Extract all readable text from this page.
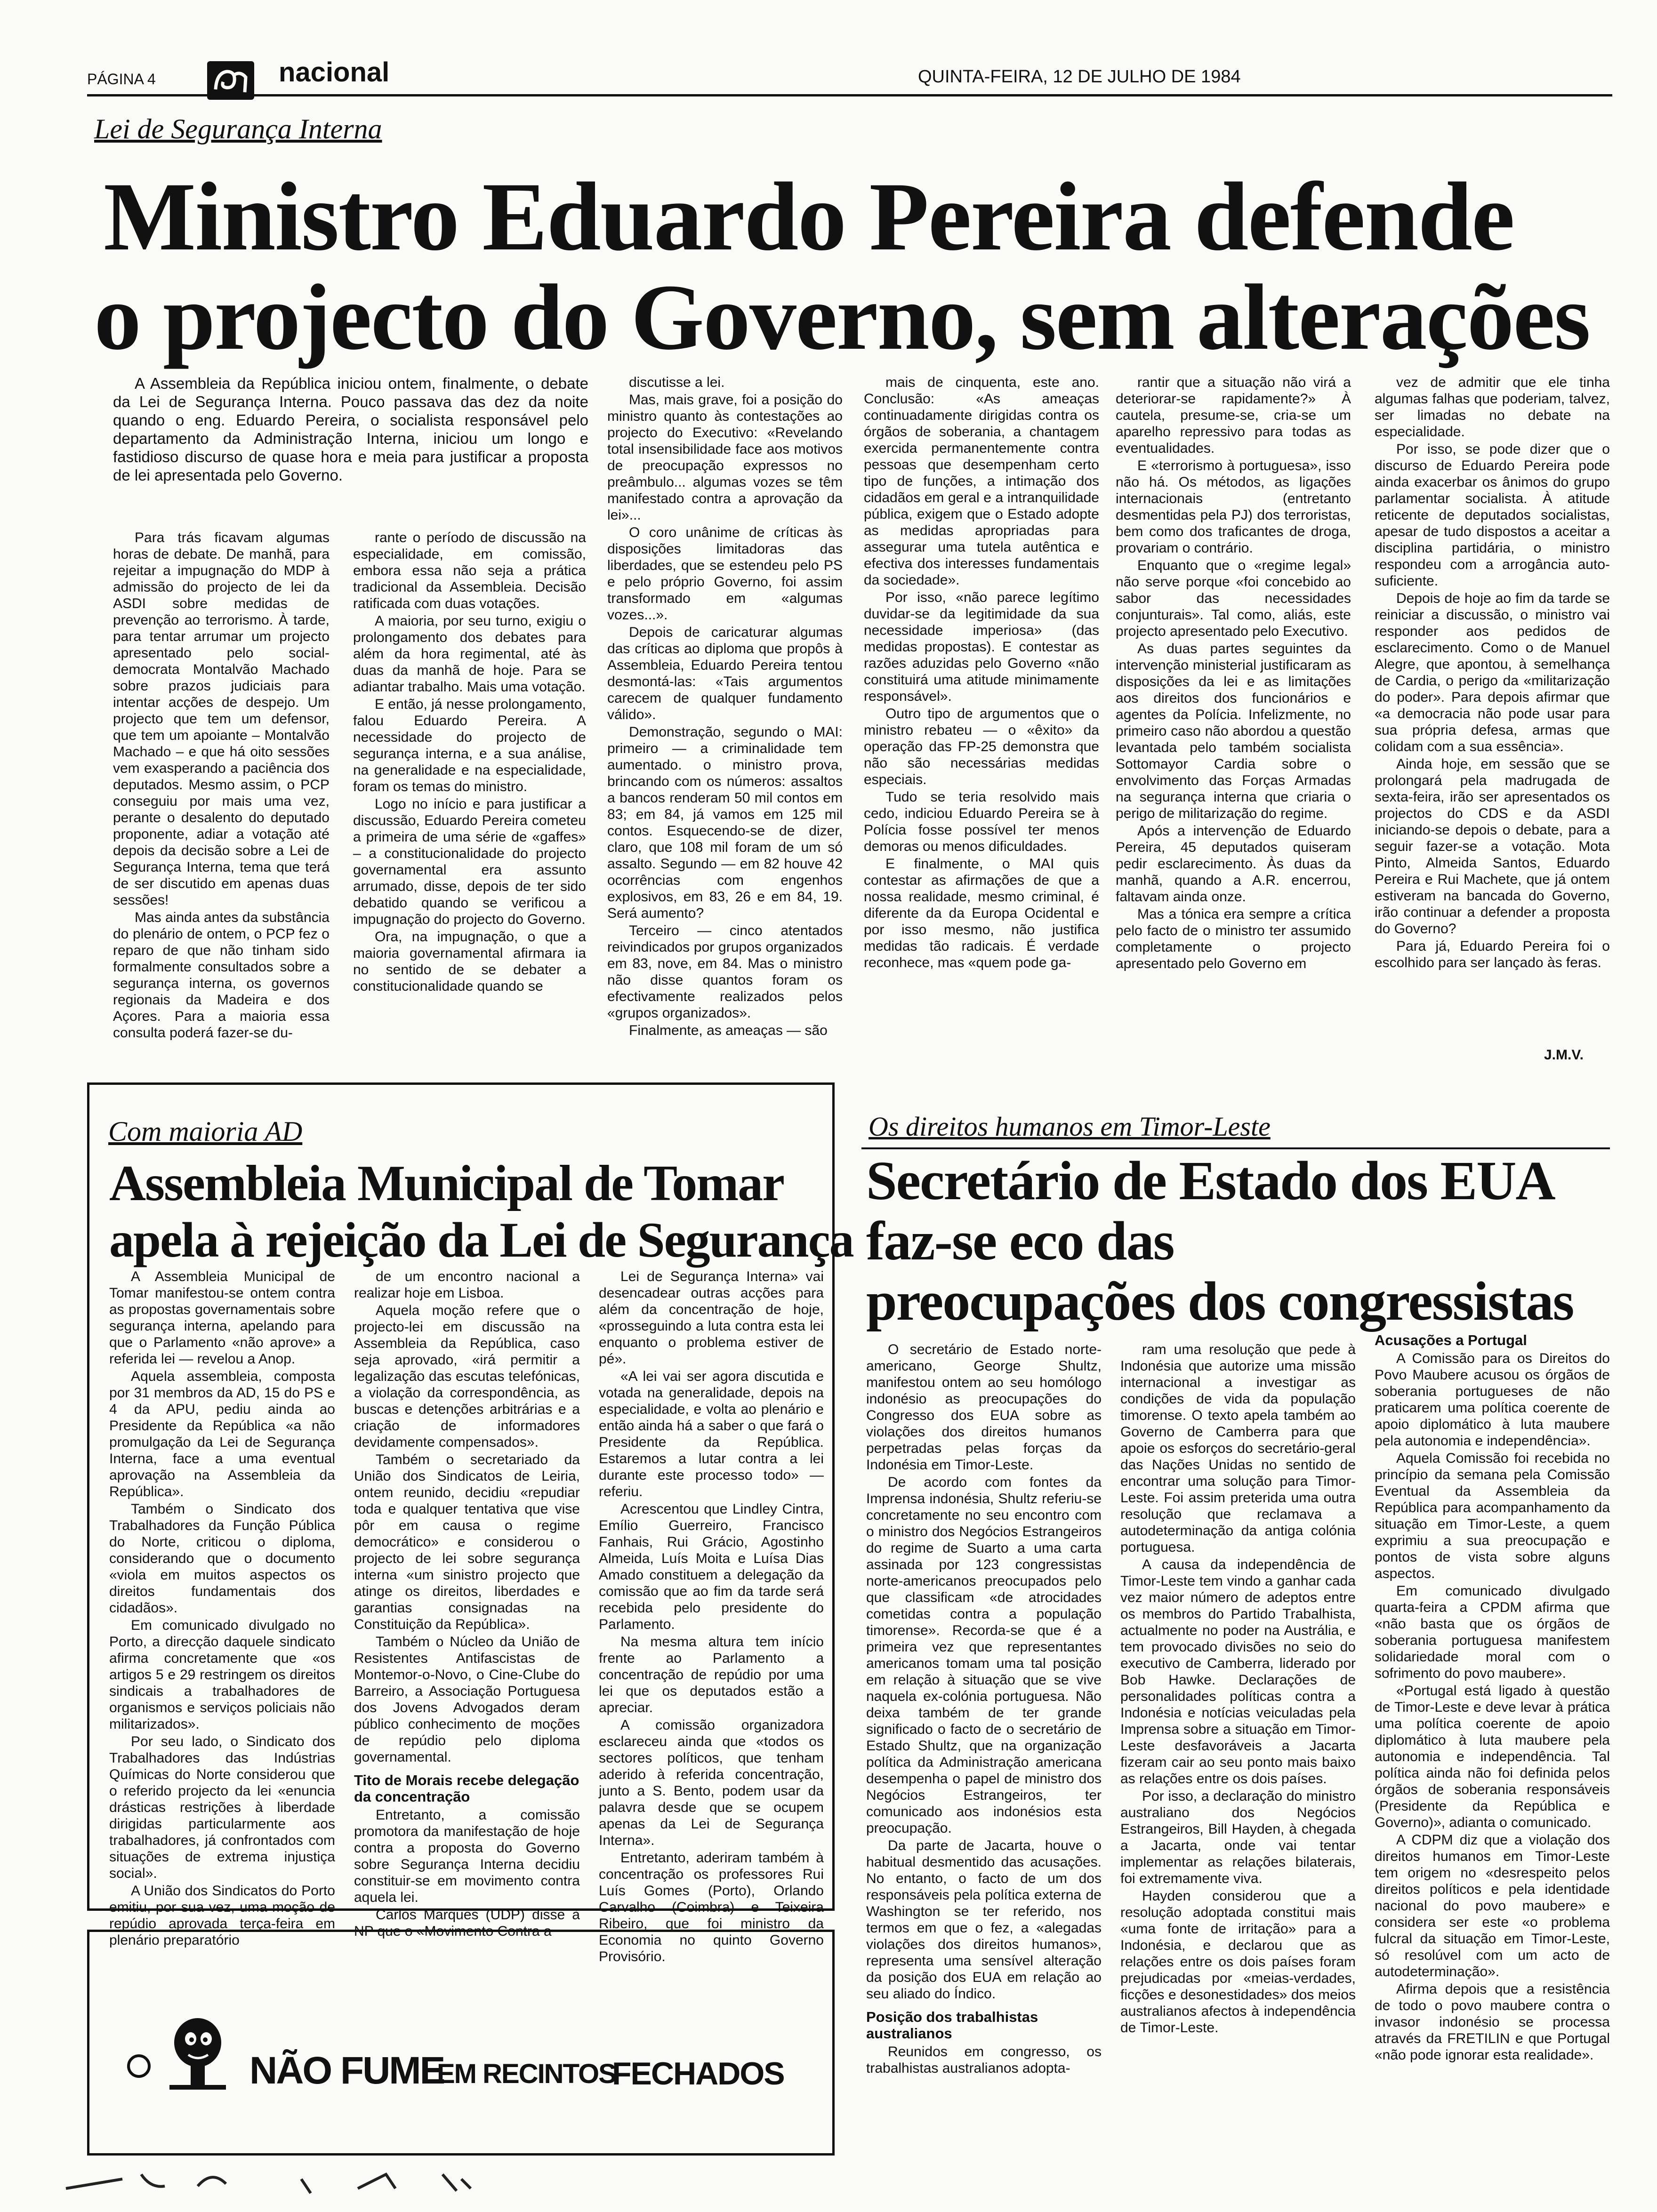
PÁGINA 4	nacional	QUINTA-FEIRA, 12 DE JULHO DE 1984
Lei de Segurança Interna
Ministro Eduardo Pereira defende
o projecto do Governo, sem alterações

A Assembleia da República iniciou ontem, finalmente, o debate da Lei de Segurança Interna. Pouco passava das dez da noite quando o eng. Eduardo Pereira, o socialista responsável pelo departamento da Administração Interna, iniciou um longo e fastidioso discurso de quase hora e meia para justificar a proposta de lei apresentada pelo Governo.

Para trás ficavam algumas horas de debate. De manhã, para rejeitar a impugnação do MDP à admissão do projecto de lei da ASDI sobre medidas de prevenção ao terrorismo. À tarde, para tentar arrumar um projecto apresentado pelo social-democrata Montalvão Machado sobre prazos judiciais para intentar acções de despejo. Um projecto que tem um defensor, que tem um apoiante – Montalvão Machado – e que há oito sessões vem exasperando a paciência dos deputados. Mesmo assim, o PCP conseguiu por mais uma vez, perante o desalento do deputado proponente, adiar a votação até depois da decisão sobre a Lei de Segurança Interna, tema que terá de ser discutido em apenas duas sessões!

Mas ainda antes da substância do plenário de ontem, o PCP fez o reparo de que não tinham sido formalmente consultados sobre a segurança interna, os governos regionais da Madeira e dos Açores. Para a maioria essa consulta poderá fazer-se du-

rante o período de discussão na especialidade, em comissão, embora essa não seja a prática tradicional da Assembleia. Decisão ratificada com duas votações.

A maioria, por seu turno, exigiu o prolongamento dos debates para além da hora regimental, até às duas da manhã de hoje. Para se adiantar trabalho. Mais uma votação.

E então, já nesse prolongamento, falou Eduardo Pereira. A necessidade do projecto de segurança interna, e a sua análise, na generalidade e na especialidade, foram os temas do ministro.

Logo no início e para justificar a discussão, Eduardo Pereira cometeu a primeira de uma série de «gaffes» – a constitucionalidade do projecto governamental era assunto arrumado, disse, depois de ter sido debatido quando se verificou a impugnação do projecto do Governo.

Ora, na impugnação, o que a maioria governamental afirmara ia no sentido de se debater a constitucionalidade quando se

discutisse a lei.

Mas, mais grave, foi a posição do ministro quanto às contestações ao projecto do Executivo: «Revelando total insensibilidade face aos motivos de preocupação expressos no preâmbulo... algumas vozes se têm manifestado contra a aprovação da lei»...

O coro unânime de críticas às disposições limitadoras das liberdades, que se estendeu pelo PS e pelo próprio Governo, foi assim transformado em «algumas vozes...».

Depois de caricaturar algumas das críticas ao diploma que propôs à Assembleia, Eduardo Pereira tentou desmontá-las: «Tais argumentos carecem de qualquer fundamento válido».

Demonstração, segundo o MAI: primeiro — a criminalidade tem aumentado. o ministro prova, brincando com os números: assaltos a bancos renderam 50 mil contos em 83; em 84, já vamos em 125 mil contos. Esquecendo-se de dizer, claro, que 108 mil foram de um só assalto. Segundo — em 82 houve 42 ocorrências com engenhos explosivos, em 83, 26 e em 84, 19. Será aumento?

Terceiro — cinco atentados reivindicados por grupos organizados em 83, nove, em 84. Mas o ministro não disse quantos foram os efectivamente realizados pelos «grupos organizados».

Finalmente, as ameaças — são

mais de cinquenta, este ano. Conclusão: «As ameaças continuadamente dirigidas contra os órgãos de soberania, a chantagem exercida permanentemente contra pessoas que desempenham certo tipo de funções, a intimação dos cidadãos em geral e a intranquilidade pública, exigem que o Estado adopte as medidas apropriadas para assegurar uma tutela autêntica e efectiva dos interesses fundamentais da sociedade».

Por isso, «não parece legítimo duvidar-se da legitimidade da sua necessidade imperiosa» (das medidas propostas). E contestar as razões aduzidas pelo Governo «não constituirá uma atitude minimamente responsável».

Outro tipo de argumentos que o ministro rebateu — o «êxito» da operação das FP-25 demonstra que não são necessárias medidas especiais.

Tudo se teria resolvido mais cedo, indiciou Eduardo Pereira se à Polícia fosse possível ter menos demoras ou menos dificuldades.

E finalmente, o MAI quis contestar as afirmações de que a nossa realidade, mesmo criminal, é diferente da da Europa Ocidental e por isso mesmo, não justifica medidas tão radicais. É verdade reconhece, mas «quem pode ga-

rantir que a situação não virá a deteriorar-se rapidamente?» À cautela, presume-se, cria-se um aparelho repressivo para todas as eventualidades.

E «terrorismo à portuguesa», isso não há. Os métodos, as ligações internacionais (entretanto desmentidas pela PJ) dos terroristas, bem como dos traficantes de droga, provariam o contrário.

Enquanto que o «regime legal» não serve porque «foi concebido ao sabor das necessidades conjunturais». Tal como, aliás, este projecto apresentado pelo Executivo.

As duas partes seguintes da intervenção ministerial justificaram as disposições da lei e as limitações aos direitos dos funcionários e agentes da Polícia. Infelizmente, no primeiro caso não abordou a questão levantada pelo também socialista Sottomayor Cardia sobre o envolvimento das Forças Armadas na segurança interna que criaria o perigo de militarização do regime.

Após a intervenção de Eduardo Pereira, 45 deputados quiseram pedir esclarecimento. Às duas da manhã, quando a A.R. encerrou, faltavam ainda onze.

Mas a tónica era sempre a crítica pelo facto de o ministro ter assumido completamente o projecto apresentado pelo Governo em

vez de admitir que ele tinha algumas falhas que poderiam, talvez, ser limadas no debate na especialidade.

Por isso, se pode dizer que o discurso de Eduardo Pereira pode ainda exacerbar os ânimos do grupo parlamentar socialista. À atitude reticente de deputados socialistas, apesar de tudo dispostos a aceitar a disciplina partidária, o ministro respondeu com a arrogância auto-suficiente.

Depois de hoje ao fim da tarde se reiniciar a discussão, o ministro vai responder aos pedidos de esclarecimento. Como o de Manuel Alegre, que apontou, à semelhança de Cardia, o perigo da «militarização do poder». Para depois afirmar que «a democracia não pode usar para sua própria defesa, armas que colidam com a sua essência».

Ainda hoje, em sessão que se prolongará pela madrugada de sexta-feira, irão ser apresentados os projectos do CDS e da ASDI iniciando-se depois o debate, para a seguir fazer-se a votação. Mota Pinto, Almeida Santos, Eduardo Pereira e Rui Machete, que já ontem estiveram na bancada do Governo, irão continuar a defender a proposta do Governo?

Para já, Eduardo Pereira foi o escolhido para ser lançado às feras.

J.M.V.
Com maioria AD
Assembleia Municipal de Tomar
apela à rejeição da Lei de Segurança

A Assembleia Municipal de Tomar manifestou-se ontem contra as propostas governamentais sobre segurança interna, apelando para que o Parlamento «não aprove» a referida lei — revelou a Anop.

Aquela assembleia, composta por 31 membros da AD, 15 do PS e 4 da APU, pediu ainda ao Presidente da República «a não promulgação da Lei de Segurança Interna, face a uma eventual aprovação na Assembleia da República».

Também o Sindicato dos Trabalhadores da Função Pública do Norte, criticou o diploma, considerando que o documento «viola em muitos aspectos os direitos fundamentais dos cidadãos».

Em comunicado divulgado no Porto, a direcção daquele sindicato afirma concretamente que «os artigos 5 e 29 restringem os direitos sindicais a trabalhadores de organismos e serviços policiais não militarizados».

Por seu lado, o Sindicato dos Trabalhadores das Indústrias Químicas do Norte considerou que o referido projecto da lei «enuncia drásticas restrições à liberdade dirigidas particularmente aos trabalhadores, já confrontados com situações de extrema injustiça social».

A União dos Sindicatos do Porto emitiu, por sua vez, uma moção de repúdio aprovada terça-feira em plenário preparatório

de um encontro nacional a realizar hoje em Lisboa.

Aquela moção refere que o projecto-lei em discussão na Assembleia da República, caso seja aprovado, «irá permitir a legalização das escutas telefónicas, a violação da correspondência, as buscas e detenções arbitrárias e a criação de informadores devidamente compensados».

Também o secretariado da União dos Sindicatos de Leiria, ontem reunido, decidiu «repudiar toda e qualquer tentativa que vise pôr em causa o regime democrático» e considerou o projecto de lei sobre segurança interna «um sinistro projecto que atinge os direitos, liberdades e garantias consignadas na Constituição da República».

Também o Núcleo da União de Resistentes Antifascistas de Montemor-o-Novo, o Cine-Clube do Barreiro, a Associação Portuguesa dos Jovens Advogados deram público conhecimento de moções de repúdio pelo diploma governamental.

Tito de Morais recebe delegação da concentração

Entretanto, a comissão promotora da manifestação de hoje contra a proposta do Governo sobre Segurança Interna decidiu constituir-se em movimento contra aquela lei.

Carlos Marques (UDP) disse à NP que o «Movimento Contra a

Lei de Segurança Interna» vai desencadear outras acções para além da concentração de hoje, «prosseguindo a luta contra esta lei enquanto o problema estiver de pé».

«A lei vai ser agora discutida e votada na generalidade, depois na especialidade, e volta ao plenário e então ainda há a saber o que fará o Presidente da República. Estaremos a lutar contra a lei durante este processo todo» — referiu.

Acrescentou que Lindley Cintra, Emílio Guerreiro, Francisco Fanhais, Rui Grácio, Agostinho Almeida, Luís Moita e Luísa Dias Amado constituem a delegação da comissão que ao fim da tarde será recebida pelo presidente do Parlamento.

Na mesma altura tem início frente ao Parlamento a concentração de repúdio por uma lei que os deputados estão a apreciar.

A comissão organizadora esclareceu ainda que «todos os sectores políticos, que tenham aderido à referida concentração, junto a S. Bento, podem usar da palavra desde que se ocupem apenas da Lei de Segurança Interna».

Entretanto, aderiram também à concentração os professores Rui Luís Gomes (Porto), Orlando Carvalho (Coimbra) e Teixeira Ribeiro, que foi ministro da Economia no quinto Governo Provisório.

NÃO FUME
EM RECINTOS
FECHADOS
Os direitos humanos em Timor-Leste
Secretário de Estado dos EUA
faz-se eco das
preocupações dos congressistas

O secretário de Estado norte-americano, George Shultz, manifestou ontem ao seu homólogo indonésio as preocupações do Congresso dos EUA sobre as violações dos direitos humanos perpetradas pelas forças da Indonésia em Timor-Leste.

De acordo com fontes da Imprensa indonésia, Shultz referiu-se concretamente no seu encontro com o ministro dos Negócios Estrangeiros do regime de Suarto a uma carta assinada por 123 congressistas norte-americanos preocupados pelo que classificam «de atrocidades cometidas contra a população timorense». Recorda-se que é a primeira vez que representantes americanos tomam uma tal posição em relação à situação que se vive naquela ex-colónia portuguesa. Não deixa também de ter grande significado o facto de o secretário de Estado Shultz, que na organização política da Administração americana desempenha o papel de ministro dos Negócios Estrangeiros, ter comunicado aos indonésios esta preocupação.

Da parte de Jacarta, houve o habitual desmentido das acusações. No entanto, o facto de um dos responsáveis pela política externa de Washington se ter referido, nos termos em que o fez, a «alegadas violações dos direitos humanos», representa uma sensível alteração da posição dos EUA em relação ao seu aliado do Índico.

Posição dos trabalhistas australianos

Reunidos em congresso, os trabalhistas australianos adopta-

ram uma resolução que pede à Indonésia que autorize uma missão internacional a investigar as condições de vida da população timorense. O texto apela também ao Governo de Camberra para que apoie os esforços do secretário-geral das Nações Unidas no sentido de encontrar uma solução para Timor-Leste. Foi assim preterida uma outra resolução que reclamava a autodeterminação da antiga colónia portuguesa.

A causa da independência de Timor-Leste tem vindo a ganhar cada vez maior número de adeptos entre os membros do Partido Trabalhista, actualmente no poder na Austrália, e tem provocado divisões no seio do executivo de Camberra, liderado por Bob Hawke. Declarações de personalidades políticas contra a Indonésia e notícias veiculadas pela Imprensa sobre a situação em Timor-Leste desfavoráveis a Jacarta fizeram cair ao seu ponto mais baixo as relações entre os dois países.

Por isso, a declaração do ministro australiano dos Negócios Estrangeiros, Bill Hayden, à chegada a Jacarta, onde vai tentar implementar as relações bilaterais, foi extremamente viva.

Hayden considerou que a resolução adoptada constitui mais «uma fonte de irritação» para a Indonésia, e declarou que as relações entre os dois países foram prejudicadas por «meias-verdades, ficções e desonestidades» dos meios australianos afectos à independência de Timor-Leste.

Acusações a Portugal

A Comissão para os Direitos do Povo Maubere acusou os órgãos de soberania portugueses de não praticarem uma política coerente de apoio diplomático à luta maubere pela autonomia e independência».

Aquela Comissão foi recebida no princípio da semana pela Comissão Eventual da Assembleia da República para acompanhamento da situação em Timor-Leste, a quem exprimiu a sua preocupação e pontos de vista sobre alguns aspectos.

Em comunicado divulgado quarta-feira a CPDM afirma que «não basta que os órgãos de soberania portuguesa manifestem solidariedade moral com o sofrimento do povo maubere».

«Portugal está ligado à questão de Timor-Leste e deve levar à prática uma política coerente de apoio diplomático à luta maubere pela autonomia e independência. Tal política ainda não foi definida pelos órgãos de soberania responsáveis (Presidente da República e Governo)», adianta o comunicado.

A CDPM diz que a violação dos direitos humanos em Timor-Leste tem origem no «desrespeito pelos direitos políticos e pela identidade nacional do povo maubere» e considera ser este «o problema fulcral da situação em Timor-Leste, só resolúvel com um acto de autodeterminação».

Afirma depois que a resistência de todo o povo maubere contra o invasor indonésio se processa através da FRETILIN e que Portugal «não pode ignorar esta realidade».
